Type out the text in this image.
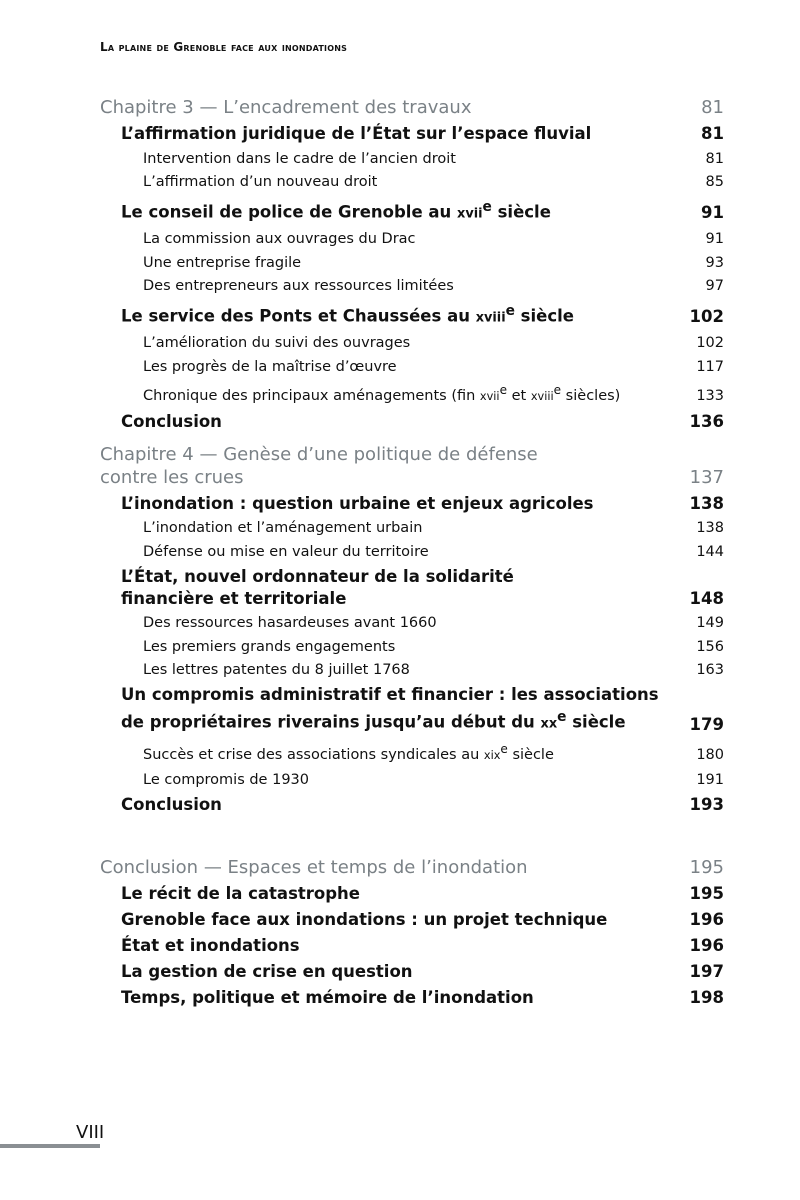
La plaine de Grenoble face aux inondations
Chapitre 3 — L’encadrement des travaux	81
L’affirmation juridique de l’État sur l’espace fluvial	81
Intervention dans le cadre de l’ancien droit	81
L’affirmation d’un nouveau droit	85
Le conseil de police de Grenoble au xvii$^e$ siècle	91
La commission aux ouvrages du Drac	91
Une entreprise fragile	93
Des entrepreneurs aux ressources limitées	97
Le service des Ponts et Chaussées au xviii$^e$ siècle	102
L’amélioration du suivi des ouvrages	102
Les progrès de la maîtrise d’œuvre	117
Chronique des principaux aménagements (fin xvii$^e$ et xviii$^e$ siècles)	133
Conclusion	136
Chapitre 4 — Genèse d’une politique de défense
contre les crues	137
L’inondation : question urbaine et enjeux agricoles	138
L’inondation et l’aménagement urbain	138
Défense ou mise en valeur du territoire	144
L’État, nouvel ordonnateur de la solidarité
financière et territoriale	148
Des ressources hasardeuses avant 1660	149
Les premiers grands engagements	156
Les lettres patentes du 8 juillet 1768	163
Un compromis administratif et financier : les associations
de propriétaires riverains jusqu’au début du $xx^e$ siècle	179
Succès et crise des associations syndicales au xix$^e$ siècle	180
Le compromis de 1930	191
Conclusion	193
Conclusion — Espaces et temps de l’inondation	195
Le récit de la catastrophe	195
Grenoble face aux inondations : un projet technique	196
État et inondations	196
La gestion de crise en question	197
Temps, politique et mémoire de l’inondation	198
VIII
